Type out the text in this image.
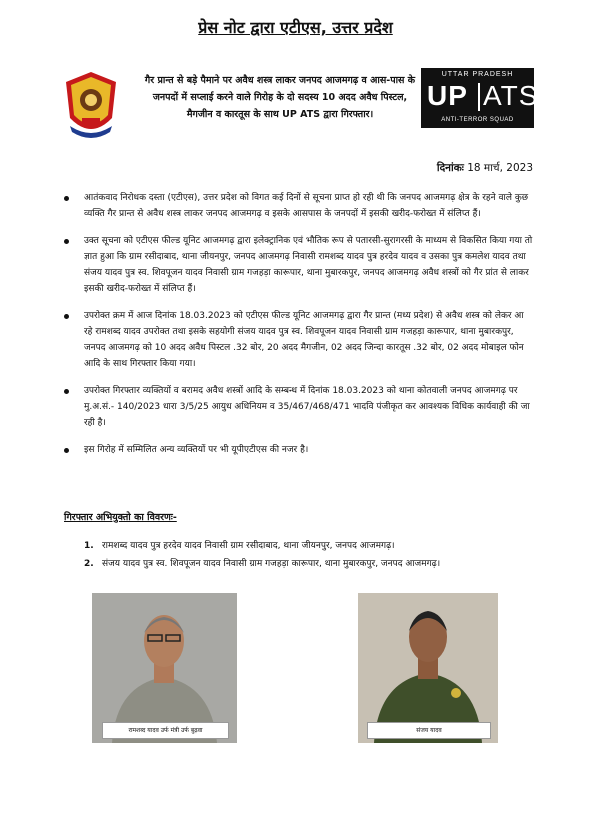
प्रेस नोट द्वारा एटीएस, उत्तर प्रदेश
गैर प्रान्त से बड़े पैमाने पर अवैध शस्त्र लाकर जनपद आजमगढ़ व आस-पास के जनपदों में सप्लाई करने वाले गिरोह के दो सदस्य 10 अदद अवैध पिस्टल, मैगजीन व कारतूस के साथ UP ATS द्वारा गिरफ्तार।
UTTAR PRADESH
UP ATS
ANTI-TERROR SQUAD
दिनांकः 18 मार्च, 2023
आतंकवाद निरोधक दस्ता (एटीएस), उत्तर प्रदेश को विगत कई दिनों से सूचना प्राप्त हो रही थी कि जनपद आजमगढ़ क्षेत्र के रहने वाले कुछ व्यक्ति गैर प्रान्त से अवैध शस्त्र लाकर जनपद आजमगढ़ व इसके आसपास के जनपदों में इसकी खरीद-फरोख्त में संलिप्त हैं।
उक्त सूचना को एटीएस फील्ड यूनिट आजमगढ़ द्वारा इलेक्ट्रानिक एवं भौतिक रूप से पतारसी-सुरागरसी के माध्यम से विकसित किया गया तो ज्ञात हुआ कि ग्राम रसीदाबाद, थाना जीयनपुर, जनपद आजमगढ़ निवासी रामशब्द यादव पुत्र हरदेव यादव व उसका पुत्र कमलेश यादव तथा संजय यादव पुत्र स्व. शिवपूजन यादव निवासी ग्राम गजहड़ा कारूपार, थाना मुबारकपुर, जनपद आजमगढ़ अवैध शस्त्रों को गैर प्रांत से लाकर इसकी खरीद-फरोख्त में संलिप्त हैं।
उपरोक्त क्रम में आज दिनांक 18.03.2023 को एटीएस फील्ड यूनिट आजमगढ़ द्वारा गैर प्रान्त (मध्य प्रदेश) से अवैध शस्त्र को लेकर आ रहे रामशब्द यादव उपरोक्त तथा इसके सहयोगी संजय यादव पुत्र स्व. शिवपूजन यादव निवासी ग्राम गजहड़ा कारूपार, थाना मुबारकपुर, जनपद आजमगढ़ को 10 अदद अवैध पिस्टल .32 बोर, 20 अदद मैगजीन, 02 अदद जिन्दा कारतूस .32 बोर, 02 अदद मोबाइल फोन आदि के साथ गिरफ्तार किया गया।
उपरोक्त गिरफ्तार व्यक्तियों व बरामद अवैध शस्त्रों आदि के सम्बन्ध में दिनांक 18.03.2023 को थाना कोतवाली जनपद आजमगढ़ पर मु.अ.सं.- 140/2023 धारा 3/5/25 आयुध अधिनियम व 35/467/468/471 भादवि पंजीकृत कर आवश्यक विधिक कार्यवाही की जा रही है।
इस गिरोह में सम्मिलित अन्य व्यक्तियों पर भी यूपीएटीएस की नजर है।
गिरफ्तार अभियुक्तो का विवरणः-
1. रामशब्द यादव पुत्र हरदेव यादव निवासी ग्राम रसीदाबाद, थाना जीयनपुर, जनपद आजमगढ़।
2. संजय यादव पुत्र स्व. शिवपूजन यादव निवासी ग्राम गजहड़ा कारूपार, थाना मुबारकपुर, जनपद आजमगढ़।
रामशब्द यादव उर्फ मंत्री उर्फ बुढ़वा	संजय यादव
